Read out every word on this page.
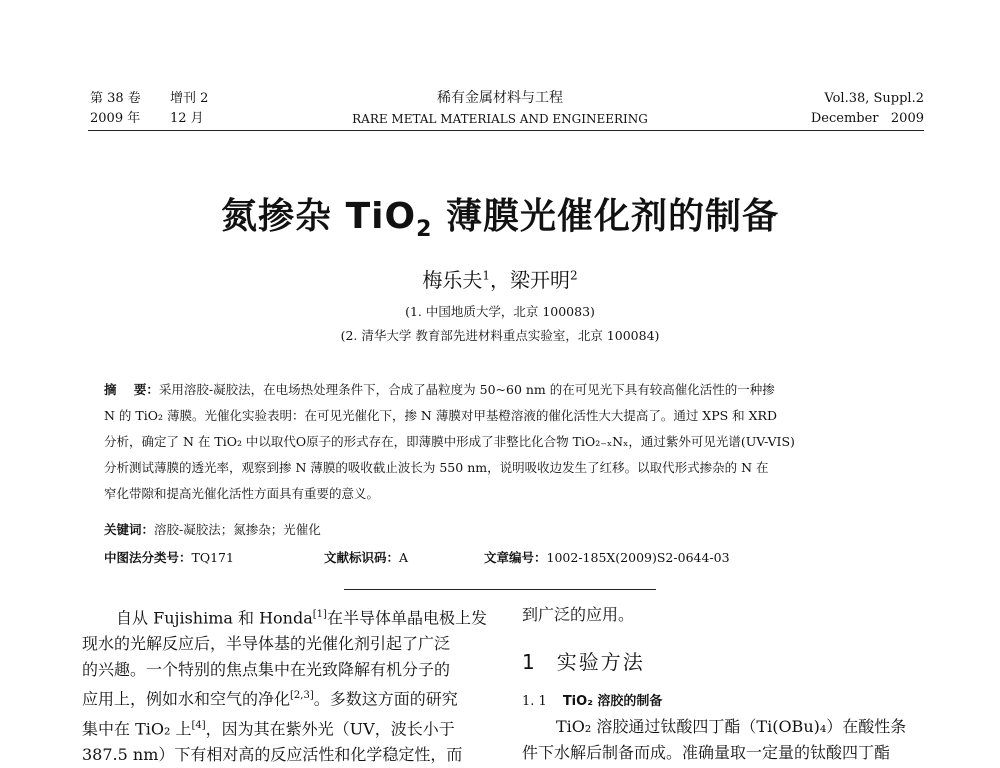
第 38 卷 增刊 2
2009 年 12 月
稀有金属材料与工程
RARE METAL MATERIALS AND ENGINEERING
Vol.38, Suppl.2
December   2009
氮掺杂 TiO$_2$ 薄膜光催化剂的制备
梅乐夫$^1$，梁开明$^2$
(1. 中国地质大学，北京 100083)
(2. 清华大学 教育部先进材料重点实验室，北京 100084)
摘    要：采用溶胶-凝胶法，在电场热处理条件下，合成了晶粒度为 50~60 nm 的在可见光下具有较高催化活性的一种掺
N 的 TiO₂ 薄膜。光催化实验表明：在可见光催化下，掺 N 薄膜对甲基橙溶液的催化活性大大提高了。通过 XPS 和 XRD
分析，确定了 N 在 TiO₂ 中以取代O原子的形式存在，即薄膜中形成了非整比化合物 TiO₂₋ₓNₓ，通过紫外可见光谱(UV-VIS)
分析测试薄膜的透光率，观察到掺 N 薄膜的吸收截止波长为 550 nm，说明吸收边发生了红移。以取代形式掺杂的 N 在
窄化带隙和提高光催化活性方面具有重要的意义。
关键词：溶胶-凝胶法；氮掺杂；光催化
中图法分类号：TQ171	文献标识码：A	文章编号：1002-185X(2009)S2-0644-03
自从 Fujishima 和 Honda[1]在半导体单晶电极上发
现水的光解反应后，半导体基的光催化剂引起了广泛
的兴趣。一个特别的焦点集中在光致降解有机分子的
应用上，例如水和空气的净化[2,3]。多数这方面的研究
集中在 TiO₂ 上[4]，因为其在紫外光（UV，波长小于
387.5 nm）下有相对高的反应活性和化学稳定性，而
到广泛的应用。
1 实验方法
1. 1 TiO₂ 溶胶的制备
TiO₂ 溶胶通过钛酸四丁酯（Ti(OBu)₄）在酸性条
件下水解后制备而成。准确量取一定量的钛酸四丁酯
